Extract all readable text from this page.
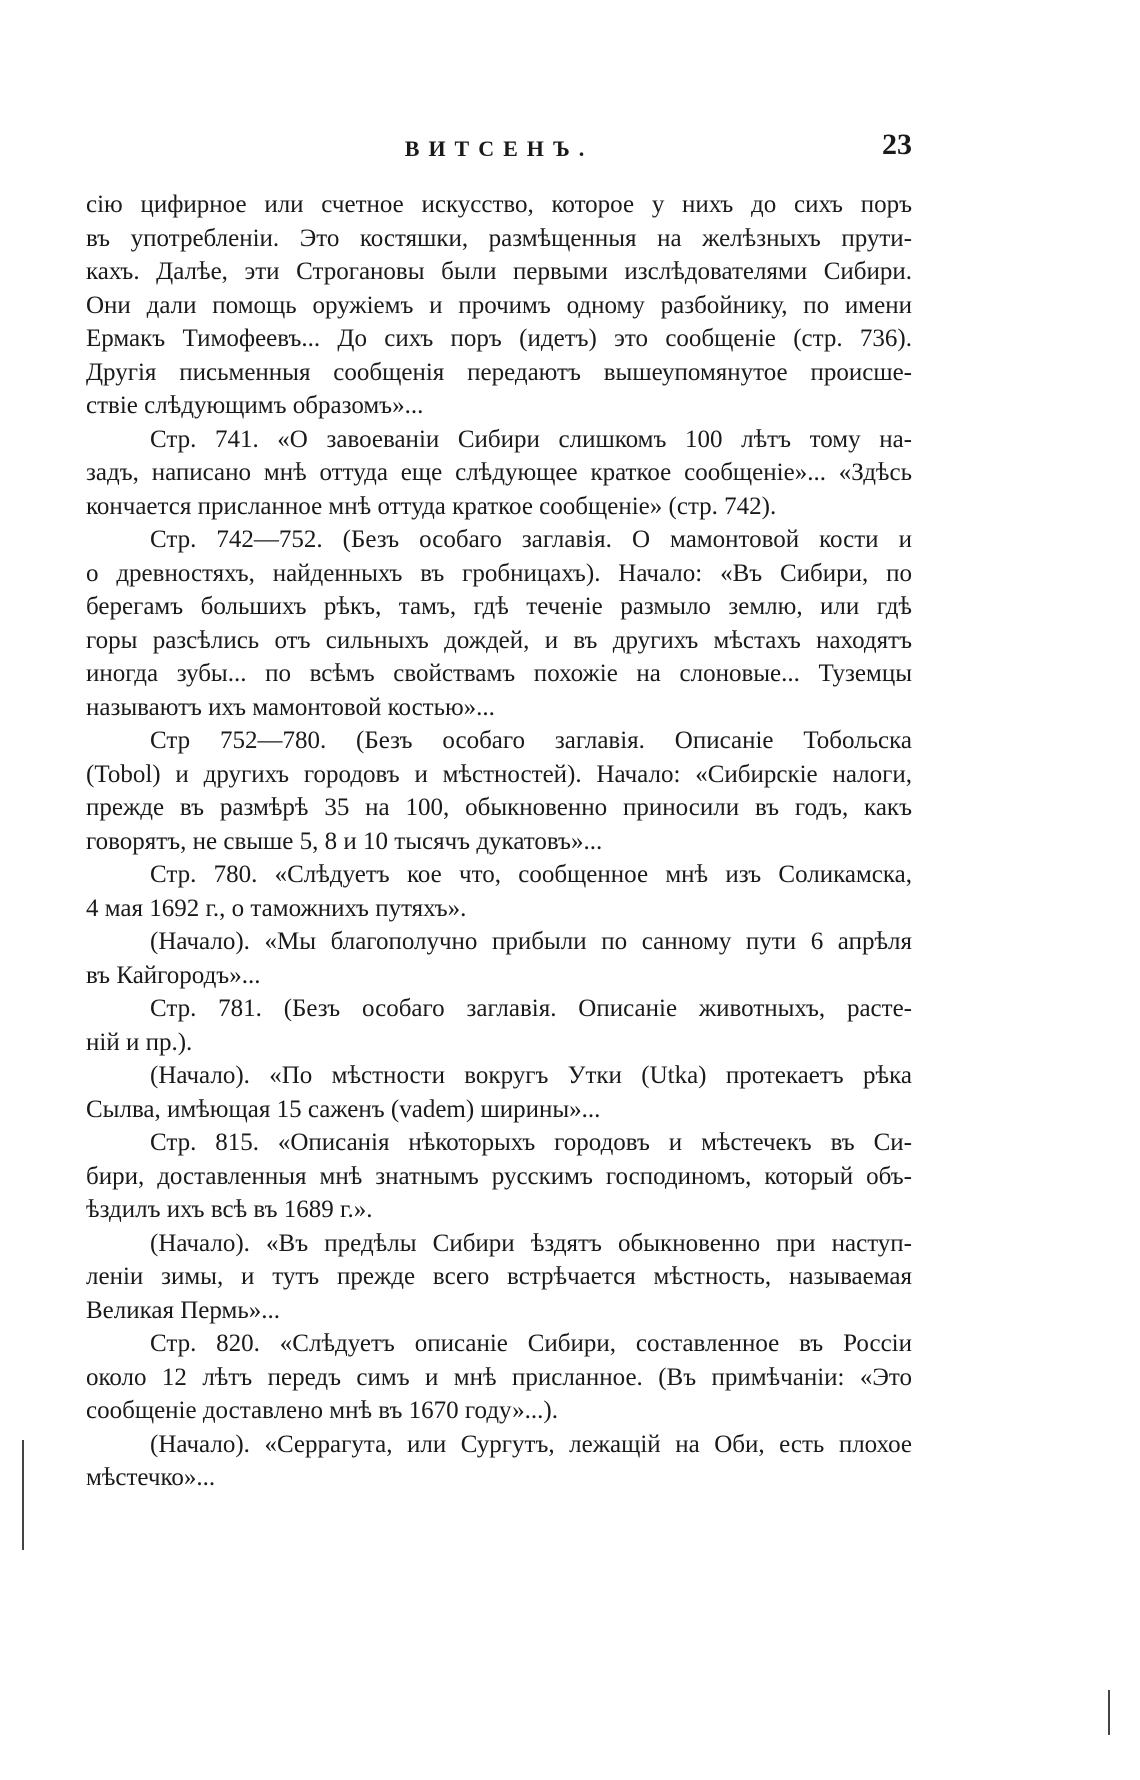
ВИТСЕНЪ.	23
сію цифирное или счетное искусство, которое у нихъ до сихъ поръ
въ употребленіи. Это костяшки, размѣщенныя на желѣзныхъ прути-
кахъ. Далѣе, эти Строгановы были первыми изслѣдователями Сибири.
Они дали помощь оружіемъ и прочимъ одному разбойнику, по имени
Ермакъ Тимофеевъ... До сихъ поръ (идетъ) это сообщеніе (стр. 736).
Другія письменныя сообщенія передаютъ вышеупомянутое происше-
ствіе слѣдующимъ образомъ»...
Стр. 741. «О завоеваніи Сибири слишкомъ 100 лѣтъ тому на-
задъ, написано мнѣ оттуда еще слѣдующее краткое сообщеніе»... «Здѣсь
кончается присланное мнѣ оттуда краткое сообщеніе» (стр. 742).
Стр. 742—752. (Безъ особаго заглавія. О мамонтовой кости и
о древностяхъ, найденныхъ въ гробницахъ). Начало: «Въ Сибири, по
берегамъ большихъ рѣкъ, тамъ, гдѣ теченіе размыло землю, или гдѣ
горы разсѣлись отъ сильныхъ дождей, и въ другихъ мѣстахъ находятъ
иногда зубы... по всѣмъ свойствамъ похожіе на слоновые... Туземцы
называютъ ихъ мамонтовой костью»...
Стр 752—780. (Безъ особаго заглавія. Описаніе Тобольска
(Tobol) и другихъ городовъ и мѣстностей). Начало: «Сибирскіе налоги,
прежде въ размѣрѣ 35 на 100, обыкновенно приносили въ годъ, какъ
говорятъ, не свыше 5, 8 и 10 тысячъ дукатовъ»...
Стр. 780. «Слѣдуетъ кое что, сообщенное мнѣ изъ Соликамска,
4 мая 1692 г., о таможнихъ путяхъ».
(Начало). «Мы благополучно прибыли по санному пути 6 апрѣля
въ Кайгородъ»...
Стр. 781. (Безъ особаго заглавія. Описаніе животныхъ, расте-
ній и пр.).
(Начало). «По мѣстности вокругъ Утки (Utka) протекаетъ рѣка
Сылва, имѣющая 15 саженъ (vadem) ширины»...
Стр. 815. «Описанія нѣкоторыхъ городовъ и мѣстечекъ въ Си-
бири, доставленныя мнѣ знатнымъ русскимъ господиномъ, который объ-
ѣздилъ ихъ всѣ въ 1689 г.».
(Начало). «Въ предѣлы Сибири ѣздятъ обыкновенно при наступ-
леніи зимы, и тутъ прежде всего встрѣчается мѣстность, называемая
Великая Пермь»...
Стр. 820. «Слѣдуетъ описаніе Сибири, составленное въ Россіи
около 12 лѣтъ передъ симъ и мнѣ присланное. (Въ примѣчаніи: «Это
сообщеніе доставлено мнѣ въ 1670 году»...).
(Начало). «Серрагута, или Сургутъ, лежащій на Оби, есть плохое
мѣстечко»...
